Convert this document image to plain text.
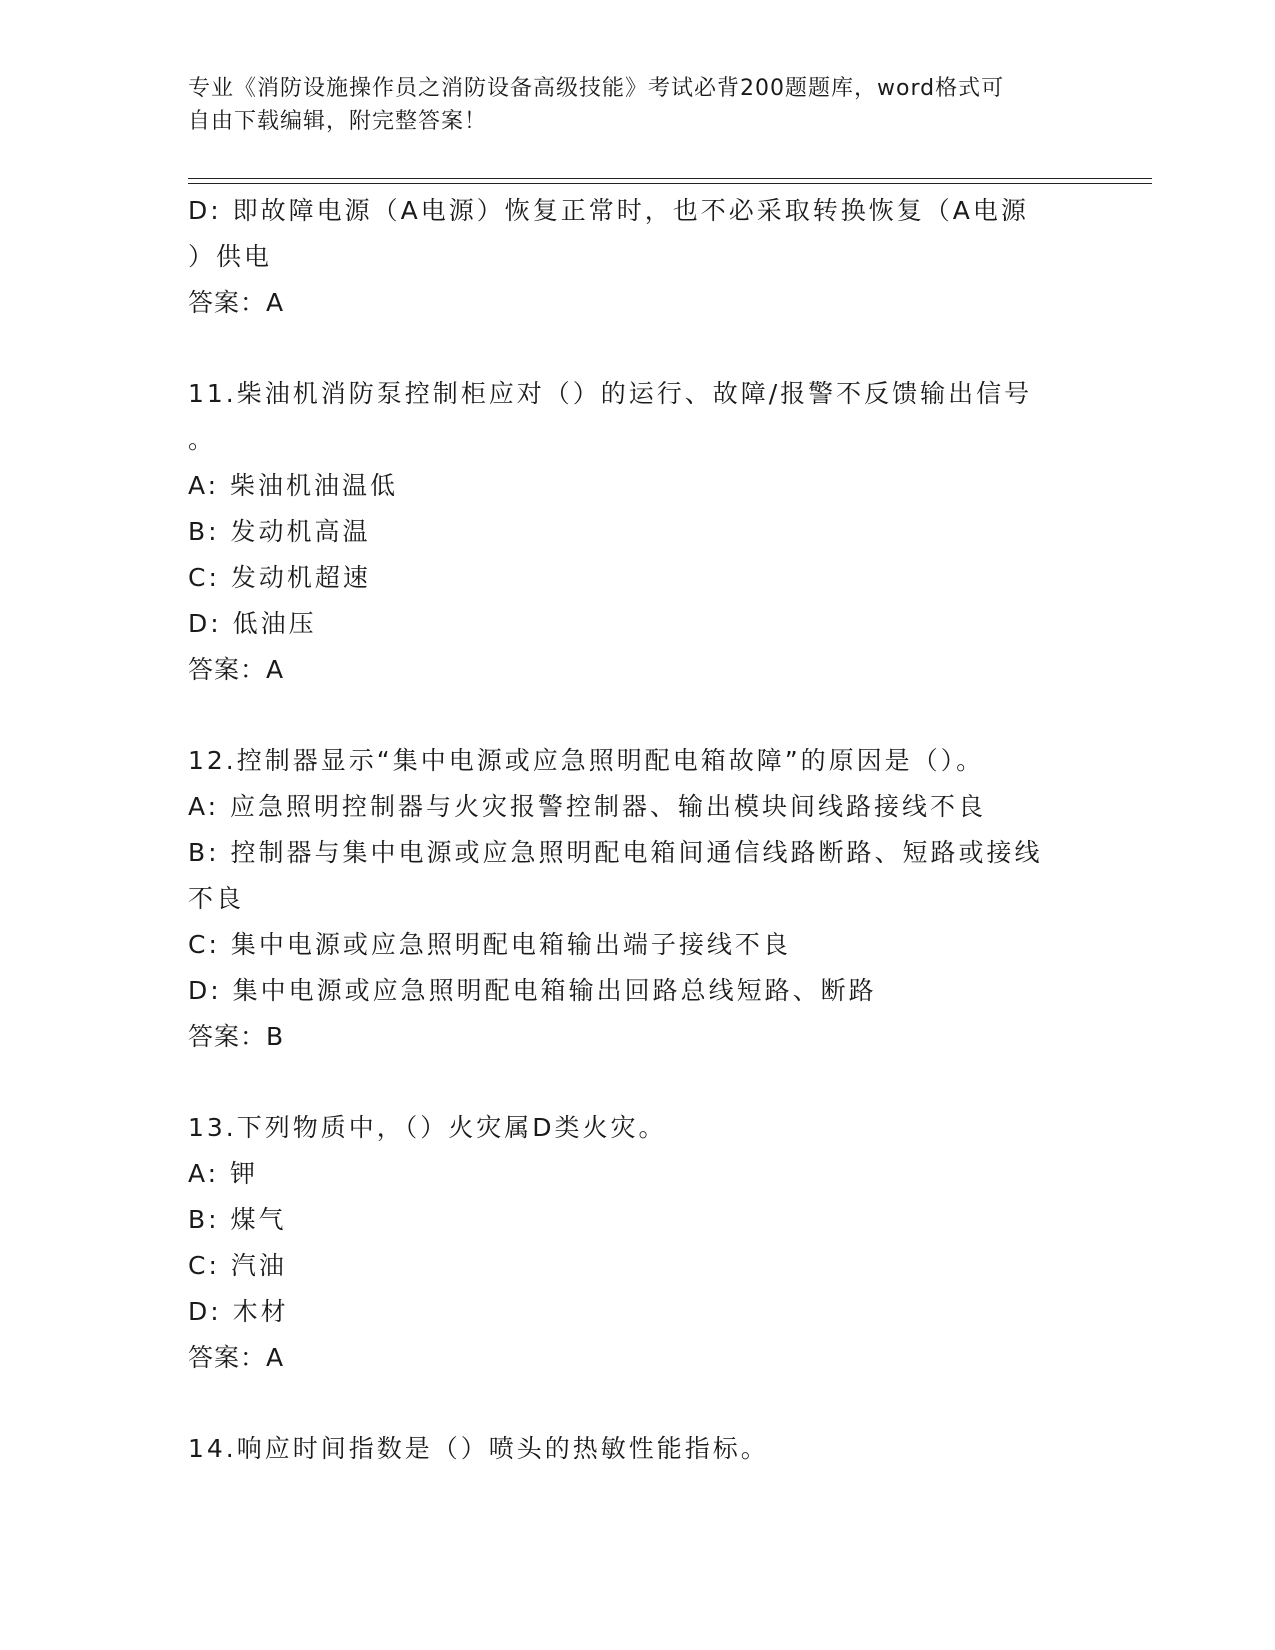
专业《消防设施操作员之消防设备高级技能》考试必背200题题库，word格式可
自由下载编辑，附完整答案！
D: 即故障电源（A电源）恢复正常时，也不必采取转换恢复（A电源
）供电
答案：A
11.柴油机消防泵控制柜应对（）的运行、故障/报警不反馈输出信号
。
A: 柴油机油温低
B: 发动机高温
C: 发动机超速
D: 低油压
答案：A
12.控制器显示“集中电源或应急照明配电箱故障”的原因是（）。
A: 应急照明控制器与火灾报警控制器、输出模块间线路接线不良
B: 控制器与集中电源或应急照明配电箱间通信线路断路、短路或接线
不良
C: 集中电源或应急照明配电箱输出端子接线不良
D: 集中电源或应急照明配电箱输出回路总线短路、断路
答案：B
13.下列物质中，（）火灾属D类火灾。
A: 钾
B: 煤气
C: 汽油
D: 木材
答案：A
14.响应时间指数是（）喷头的热敏性能指标。
